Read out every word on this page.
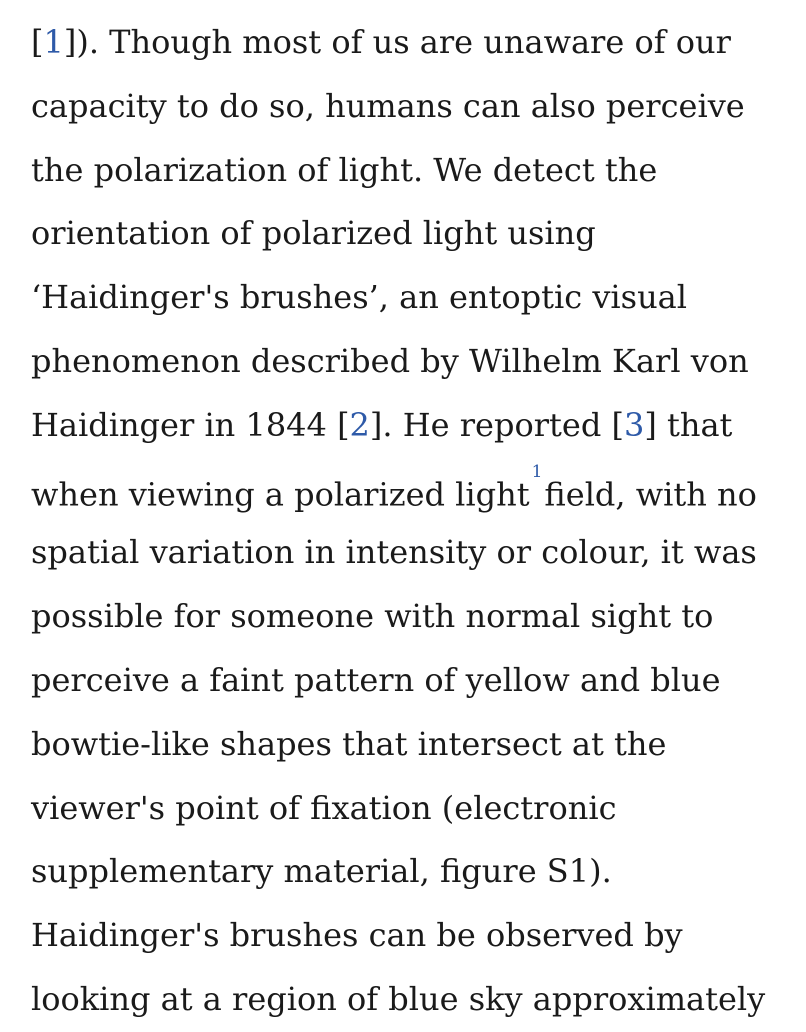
[1]). Though most of us are unaware of our
capacity to do so, humans can also perceive
the polarization of light. We detect the
orientation of polarized light using
‘Haidinger's brushes’, an entoptic visual
phenomenon described by Wilhelm Karl von
Haidinger in 1844 [2]. He reported [3] that
when viewing a polarized light$^1$field, with no
spatial variation in intensity or colour, it was
possible for someone with normal sight to
perceive a faint pattern of yellow and blue
bowtie-like shapes that intersect at the
viewer's point of fixation (electronic
supplementary material, figure S1).
Haidinger's brushes can be observed by
looking at a region of blue sky approximately
